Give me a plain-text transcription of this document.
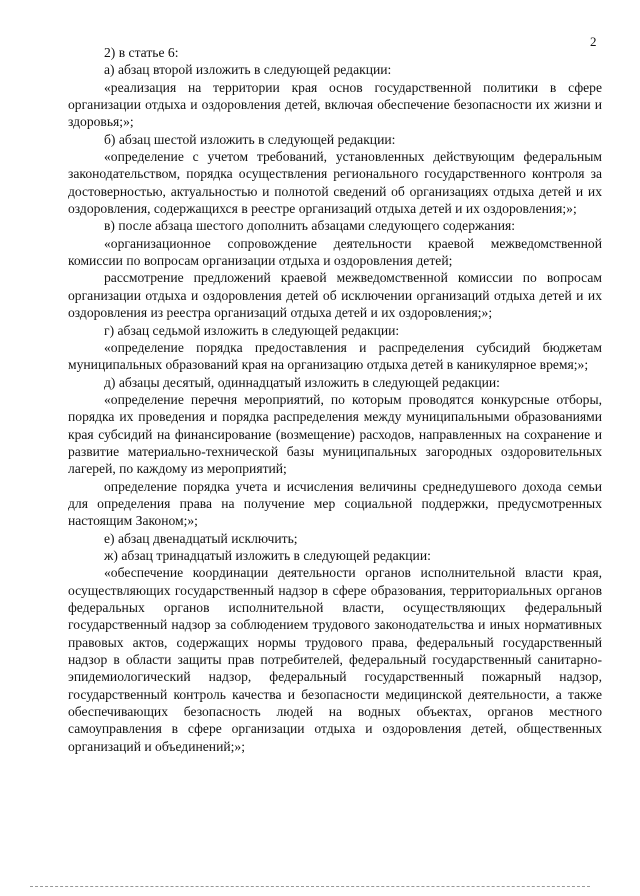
2

2) в статье 6:

а) абзац второй изложить в следующей редакции:

«реализация на территории края основ государственной политики в сфере организации отдыха и оздоровления детей, включая обеспечение безопасности их жизни и здоровья;»;

б) абзац шестой изложить в следующей редакции:

«определение с учетом требований, установленных действующим федеральным законодательством, порядка осуществления регионального государственного контроля за достоверностью, актуальностью и полнотой сведений об организациях отдыха детей и их оздоровления, содержащихся в реестре организаций отдыха детей и их оздоровления;»;

в) после абзаца шестого дополнить абзацами следующего содержания:

«организационное сопровождение деятельности краевой межведомственной комиссии по вопросам организации отдыха и оздоровления детей;

рассмотрение предложений краевой межведомственной комиссии по вопросам организации отдыха и оздоровления детей об исключении организаций отдыха детей и их оздоровления из реестра организаций отдыха детей и их оздоровления;»;

г) абзац седьмой изложить в следующей редакции:

«определение порядка предоставления и распределения субсидий бюджетам муниципальных образований края на организацию отдыха детей в каникулярное время;»;

д) абзацы десятый, одиннадцатый изложить в следующей редакции:

«определение перечня мероприятий, по которым проводятся конкурсные отборы, порядка их проведения и порядка распределения между муниципальными образованиями края субсидий на финансирование (возмещение) расходов, направленных на сохранение и развитие материально-технической базы муниципальных загородных оздоровительных лагерей, по каждому из мероприятий;

определение порядка учета и исчисления величины среднедушевого дохода семьи для определения права на получение мер социальной поддержки, предусмотренных настоящим Законом;»;

е) абзац двенадцатый исключить;

ж) абзац тринадцатый изложить в следующей редакции:

«обеспечение координации деятельности органов исполнительной власти края, осуществляющих государственный надзор в сфере образования, территориальных органов федеральных органов исполнительной власти, осуществляющих федеральный государственный надзор за соблюдением трудового законодательства и иных нормативных правовых актов, содержащих нормы трудового права, федеральный государственный надзор в области защиты прав потребителей, федеральный государственный санитарно-эпидемиологический надзор, федеральный государственный пожарный надзор, государственный контроль качества и безопасности медицинской деятельности, а также обеспечивающих безопасность людей на водных объектах, органов местного самоуправления в сфере организации отдыха и оздоровления детей, общественных организаций и объединений;»;
